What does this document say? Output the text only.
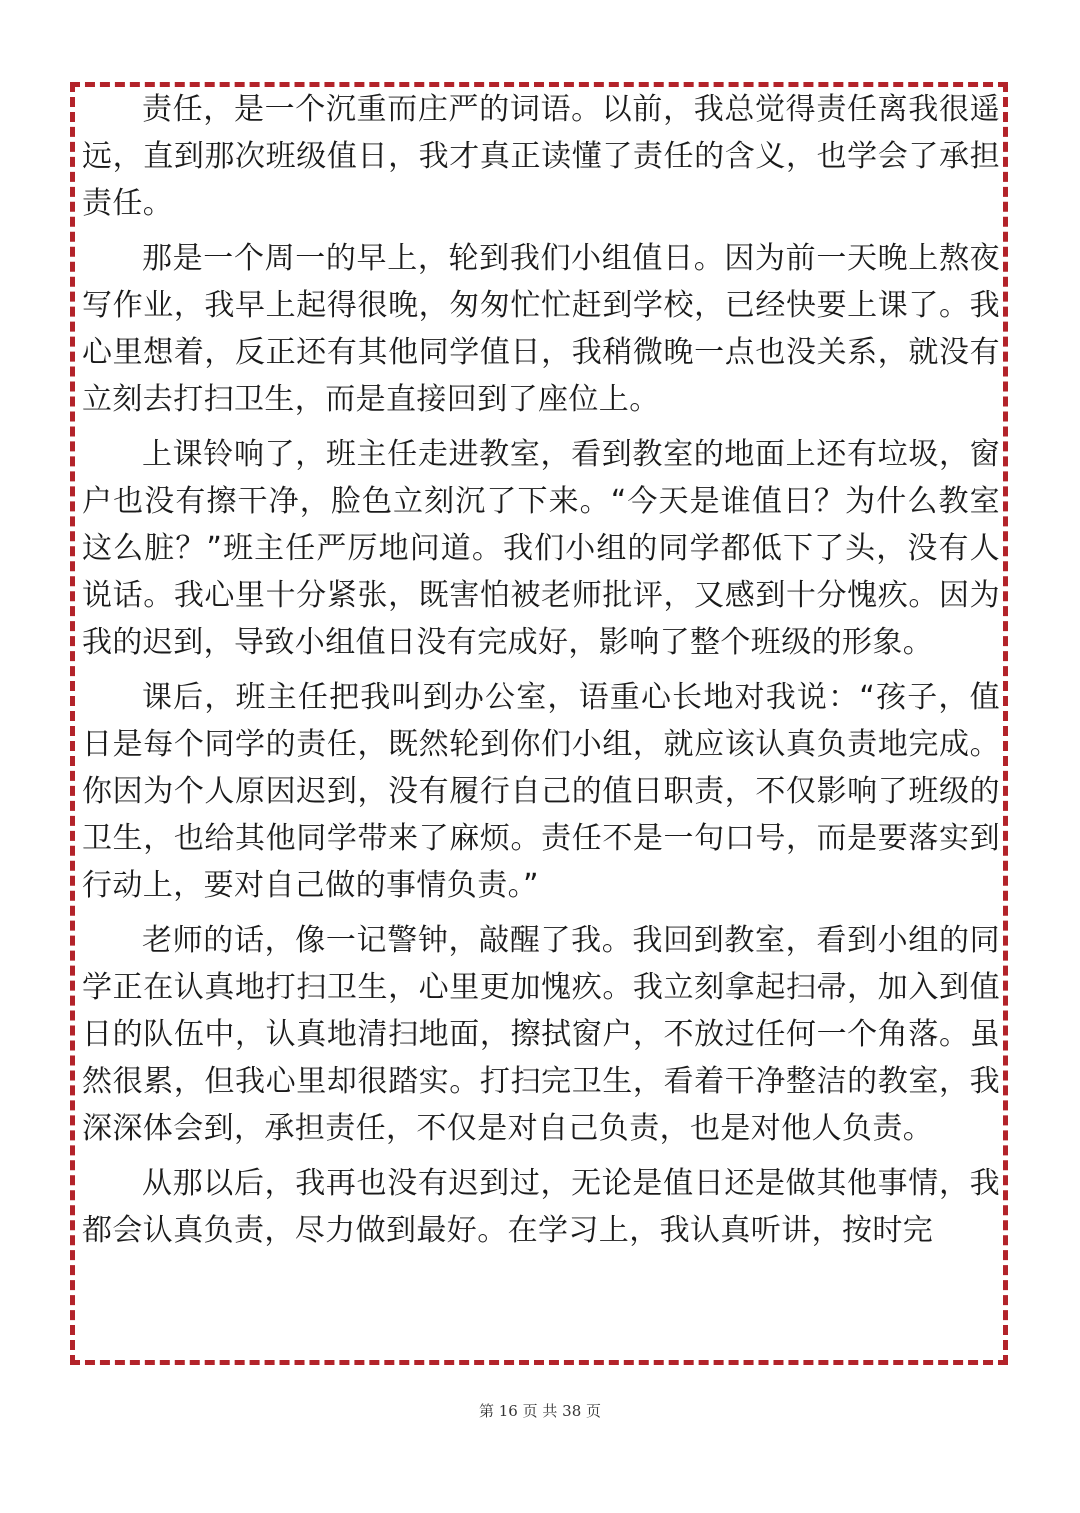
责任，是一个沉重而庄严的词语。以前，我总觉得责任离我很遥远，直到那次班级值日，我才真正读懂了责任的含义，也学会了承担责任。

那是一个周一的早上，轮到我们小组值日。因为前一天晚上熬夜写作业，我早上起得很晚，匆匆忙忙赶到学校，已经快要上课了。我心里想着，反正还有其他同学值日，我稍微晚一点也没关系，就没有立刻去打扫卫生，而是直接回到了座位上。

上课铃响了，班主任走进教室，看到教室的地面上还有垃圾，窗户也没有擦干净，脸色立刻沉了下来。“今天是谁值日？为什么教室这么脏？”班主任严厉地问道。我们小组的同学都低下了头，没有人说话。我心里十分紧张，既害怕被老师批评，又感到十分愧疚。因为我的迟到，导致小组值日没有完成好，影响了整个班级的形象。

课后，班主任把我叫到办公室，语重心长地对我说：“孩子，值日是每个同学的责任，既然轮到你们小组，就应该认真负责地完成。你因为个人原因迟到，没有履行自己的值日职责，不仅影响了班级的卫生，也给其他同学带来了麻烦。责任不是一句口号，而是要落实到行动上，要对自己做的事情负责。”

老师的话，像一记警钟，敲醒了我。我回到教室，看到小组的同学正在认真地打扫卫生，心里更加愧疚。我立刻拿起扫帚，加入到值日的队伍中，认真地清扫地面，擦拭窗户，不放过任何一个角落。虽然很累，但我心里却很踏实。打扫完卫生，看着干净整洁的教室，我深深体会到，承担责任，不仅是对自己负责，也是对他人负责。

从那以后，我再也没有迟到过，无论是值日还是做其他事情，我都会认真负责，尽力做到最好。在学习上，我认真听讲，按时完

第 16 页 共 38 页
